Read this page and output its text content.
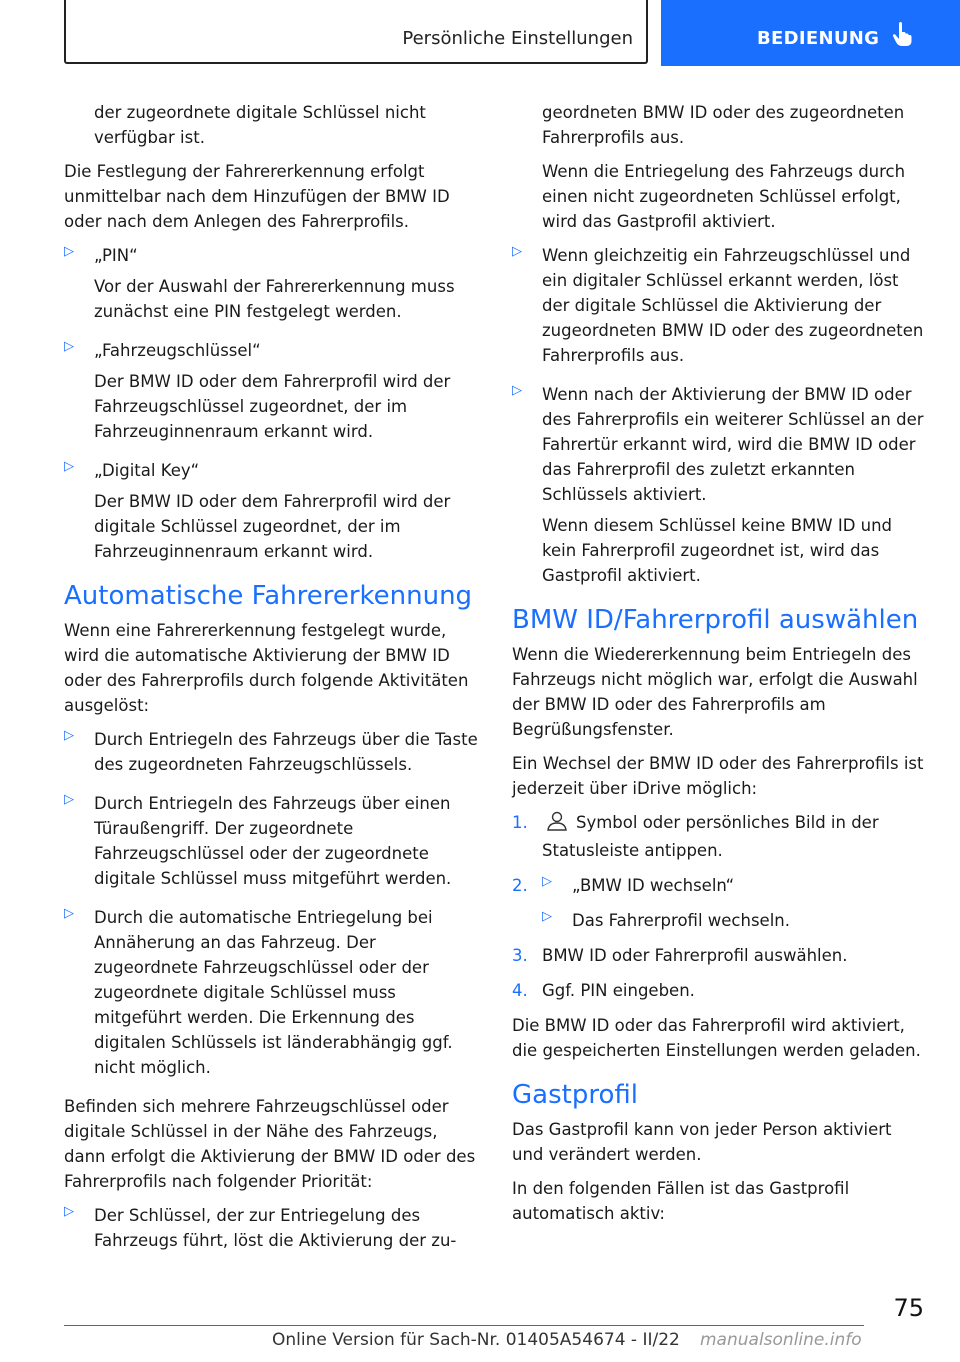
Persönliche Einstellungen	BEDIENUNG

der zugeordnete digitale Schlüssel nicht verfügbar ist.

Die Festlegung der Fahrererkennung erfolgt unmittelbar nach dem Hinzufügen der BMW ID oder nach dem Anlegen des Fahrerprofils.

▷ „PIN“

Vor der Auswahl der Fahrererkennung muss zunächst eine PIN festgelegt werden.

▷ „Fahrzeugschlüssel“

Der BMW ID oder dem Fahrerprofil wird der Fahrzeugschlüssel zugeordnet, der im Fahrzeuginnenraum erkannt wird.

▷ „Digital Key“

Der BMW ID oder dem Fahrerprofil wird der digitale Schlüssel zugeordnet, der im Fahrzeuginnenraum erkannt wird.

Automatische Fahrererkennung

Wenn eine Fahrererkennung festgelegt wurde, wird die automatische Aktivierung der BMW ID oder des Fahrerprofils durch folgende Aktivitäten ausgelöst:

▷ Durch Entriegeln des Fahrzeugs über die Taste des zugeordneten Fahrzeugschlüssels.

▷ Durch Entriegeln des Fahrzeugs über einen Türaußengriff. Der zugeordnete Fahrzeugschlüssel oder der zugeordnete digitale Schlüssel muss mitgeführt werden.

▷ Durch die automatische Entriegelung bei Annäherung an das Fahrzeug. Der zugeordnete Fahrzeugschlüssel oder der zugeordnete digitale Schlüssel muss mitgeführt werden. Die Erkennung des digitalen Schlüssels ist länderabhängig ggf. nicht möglich.

Befinden sich mehrere Fahrzeugschlüssel oder digitale Schlüssel in der Nähe des Fahrzeugs, dann erfolgt die Aktivierung der BMW ID oder des Fahrerprofils nach folgender Priorität:

▷ Der Schlüssel, der zur Entriegelung des Fahrzeugs führt, löst die Aktivierung der zu-

geordneten BMW ID oder des zugeordneten Fahrerprofils aus.

Wenn die Entriegelung des Fahrzeugs durch einen nicht zugeordneten Schlüssel erfolgt, wird das Gastprofil aktiviert.

▷ Wenn gleichzeitig ein Fahrzeugschlüssel und ein digitaler Schlüssel erkannt werden, löst der digitale Schlüssel die Aktivierung der zugeordneten BMW ID oder des zugeordneten Fahrerprofils aus.

▷ Wenn nach der Aktivierung der BMW ID oder des Fahrerprofils ein weiterer Schlüssel an der Fahrertür erkannt wird, wird die BMW ID oder das Fahrerprofil des zuletzt erkannten Schlüssels aktiviert.

Wenn diesem Schlüssel keine BMW ID und kein Fahrerprofil zugeordnet ist, wird das Gastprofil aktiviert.

BMW ID/Fahrerprofil auswählen

Wenn die Wiedererkennung beim Entriegeln des Fahrzeugs nicht möglich war, erfolgt die Auswahl der BMW ID oder des Fahrerprofils am Begrüßungsfenster.

Ein Wechsel der BMW ID oder des Fahrerprofils ist jederzeit über iDrive möglich:

1.	Symbol oder persönliches Bild in der Statusleiste antippen.

2. ▷ „BMW ID wechseln“

▷ Das Fahrerprofil wechseln.

3. BMW ID oder Fahrerprofil auswählen.

4. Ggf. PIN eingeben.

Die BMW ID oder das Fahrerprofil wird aktiviert, die gespeicherten Einstellungen werden geladen.

Gastprofil

Das Gastprofil kann von jeder Person aktiviert und verändert werden.

In den folgenden Fällen ist das Gastprofil automatisch aktiv:

75
Online Version für Sach-Nr. 01405A54674 - II/22 manualsonline.info
